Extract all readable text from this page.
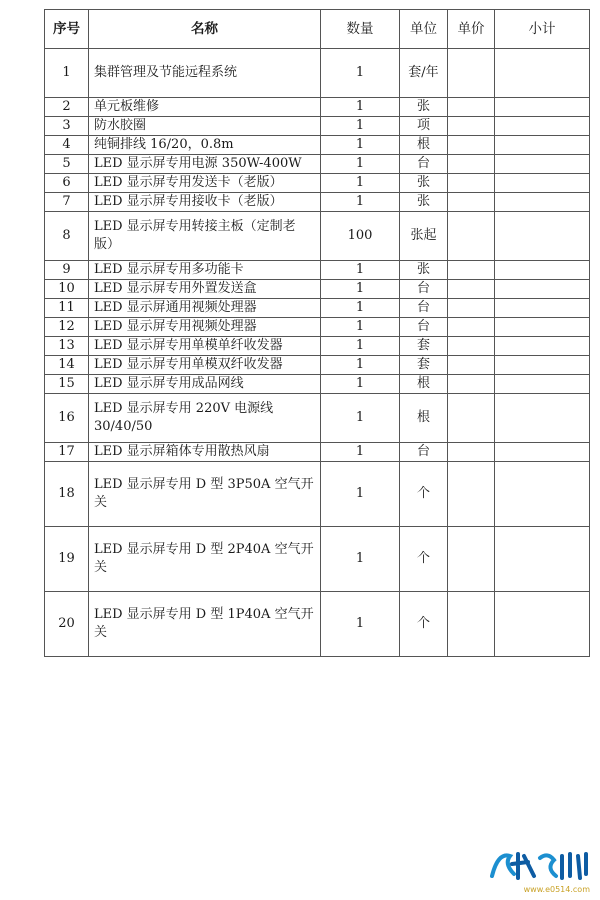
序号	名称	数量	单位	单价	小计
1	集群管理及节能远程系统	1	套/年		
2	单元板维修	1	张		
3	防水胶圈	1	项		
4	纯铜排线 16/20，0.8m	1	根		
5	LED 显示屏专用电源 350W-400W	1	台		
6	LED 显示屏专用发送卡（老版）	1	张		
7	LED 显示屏专用接收卡（老版）	1	张		
8	LED 显示屏专用转接主板（定制老版）	100	张起		
9	LED 显示屏专用多功能卡	1	张		
10	LED 显示屏专用外置发送盒	1	台		
11	LED 显示屏通用视频处理器	1	台		
12	LED 显示屏专用视频处理器	1	台		
13	LED 显示屏专用单模单纤收发器	1	套		
14	LED 显示屏专用单模双纤收发器	1	套		
15	LED 显示屏专用成品网线	1	根		
16	LED 显示屏专用 220V 电源线 30/40/50	1	根		
17	LED 显示屏箱体专用散热风扇	1	台		
18	LED 显示屏专用 D 型 3P50A 空气开关	1	个		
19	LED 显示屏专用 D 型 2P40A 空气开关	1	个		
20	LED 显示屏专用 D 型 1P40A 空气开关	1	个		
www.e0514.com
